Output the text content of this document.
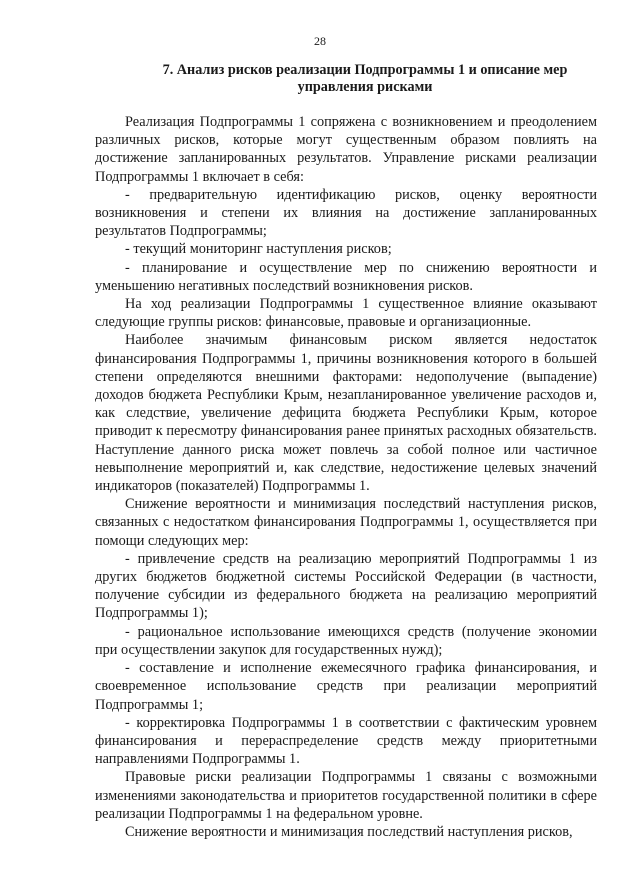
28
7. Анализ рисков реализации Подпрограммы 1 и описание мер
управления рисками

Реализация Подпрограммы 1 сопряжена с возникновением и преодолением различных рисков, которые могут существенным образом повлиять на достижение запланированных результатов. Управление рисками реализации Подпрограммы 1 включает в себя:

- предварительную идентификацию рисков, оценку вероятности возникновения и степени их влияния на достижение запланированных результатов Подпрограммы;

- текущий мониторинг наступления рисков;

- планирование и осуществление мер по снижению вероятности и уменьшению негативных последствий возникновения рисков.

На ход реализации Подпрограммы 1 существенное влияние оказывают следующие группы рисков: финансовые, правовые и организационные.

Наиболее значимым финансовым риском является недостаток финансирования Подпрограммы 1, причины возникновения которого в большей степени определяются внешними факторами: недополучение (выпадение) доходов бюджета Республики Крым, незапланированное увеличение расходов и, как следствие, увеличение дефицита бюджета Республики Крым, которое приводит к пересмотру финансирования ранее принятых расходных обязательств. Наступление данного риска может повлечь за собой полное или частичное невыполнение мероприятий и, как следствие, недостижение целевых значений индикаторов (показателей) Подпрограммы 1.

Снижение вероятности и минимизация последствий наступления рисков, связанных с недостатком финансирования Подпрограммы 1, осуществляется при помощи следующих мер:

- привлечение средств на реализацию мероприятий Подпрограммы 1 из других бюджетов бюджетной системы Российской Федерации (в частности, получение субсидии из федерального бюджета на реализацию мероприятий Подпрограммы 1);

- рациональное использование имеющихся средств (получение экономии при осуществлении закупок для государственных нужд);

- составление и исполнение ежемесячного графика финансирования, и своевременное использование средств при реализации мероприятий Подпрограммы 1;

- корректировка Подпрограммы 1 в соответствии с фактическим уровнем финансирования и перераспределение средств между приоритетными направлениями Подпрограммы 1.

Правовые риски реализации Подпрограммы 1 связаны с возможными изменениями законодательства и приоритетов государственной политики в сфере реализации Подпрограммы 1 на федеральном уровне.

Снижение вероятности и минимизация последствий наступления рисков,
